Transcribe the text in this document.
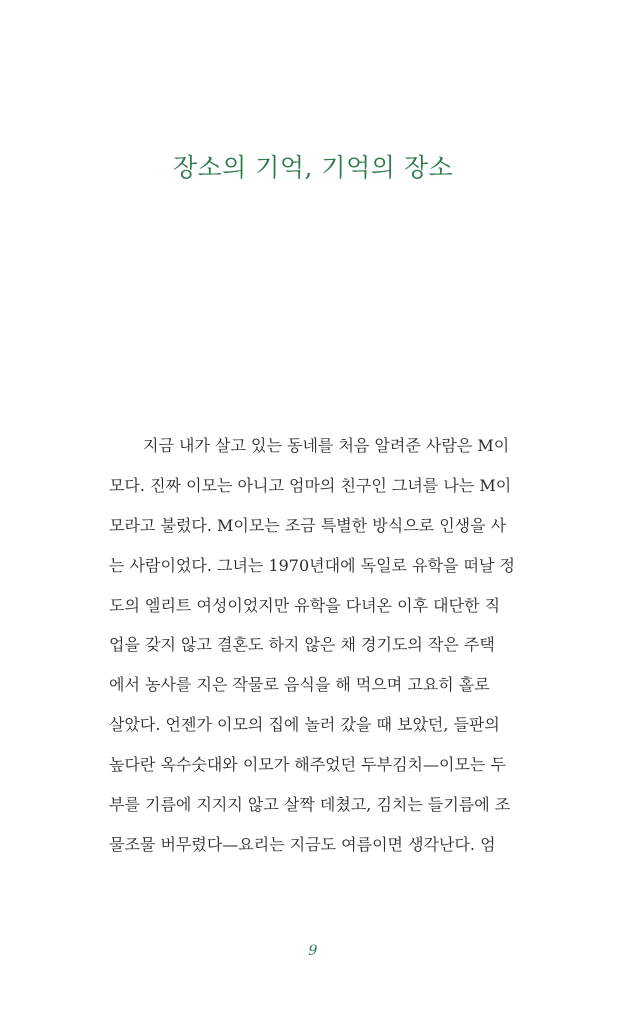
장소의 기억, 기억의 장소
지금 내가 살고 있는 동네를 처음 알려준 사람은 M이
모다. 진짜 이모는 아니고 엄마의 친구인 그녀를 나는 M이
모라고 불렀다. M이모는 조금 특별한 방식으로 인생을 사
는 사람이었다. 그녀는 1970년대에 독일로 유학을 떠날 정
도의 엘리트 여성이었지만 유학을 다녀온 이후 대단한 직
업을 갖지 않고 결혼도 하지 않은 채 경기도의 작은 주택
에서 농사를 지은 작물로 음식을 해 먹으며 고요히 홀로
살았다. 언젠가 이모의 집에 놀러 갔을 때 보았던, 들판의
높다란 옥수숫대와 이모가 해주었던 두부김치—이모는 두
부를 기름에 지지지 않고 살짝 데쳤고, 김치는 들기름에 조
물조물 버무렸다—요리는 지금도 여름이면 생각난다. 엄
9
